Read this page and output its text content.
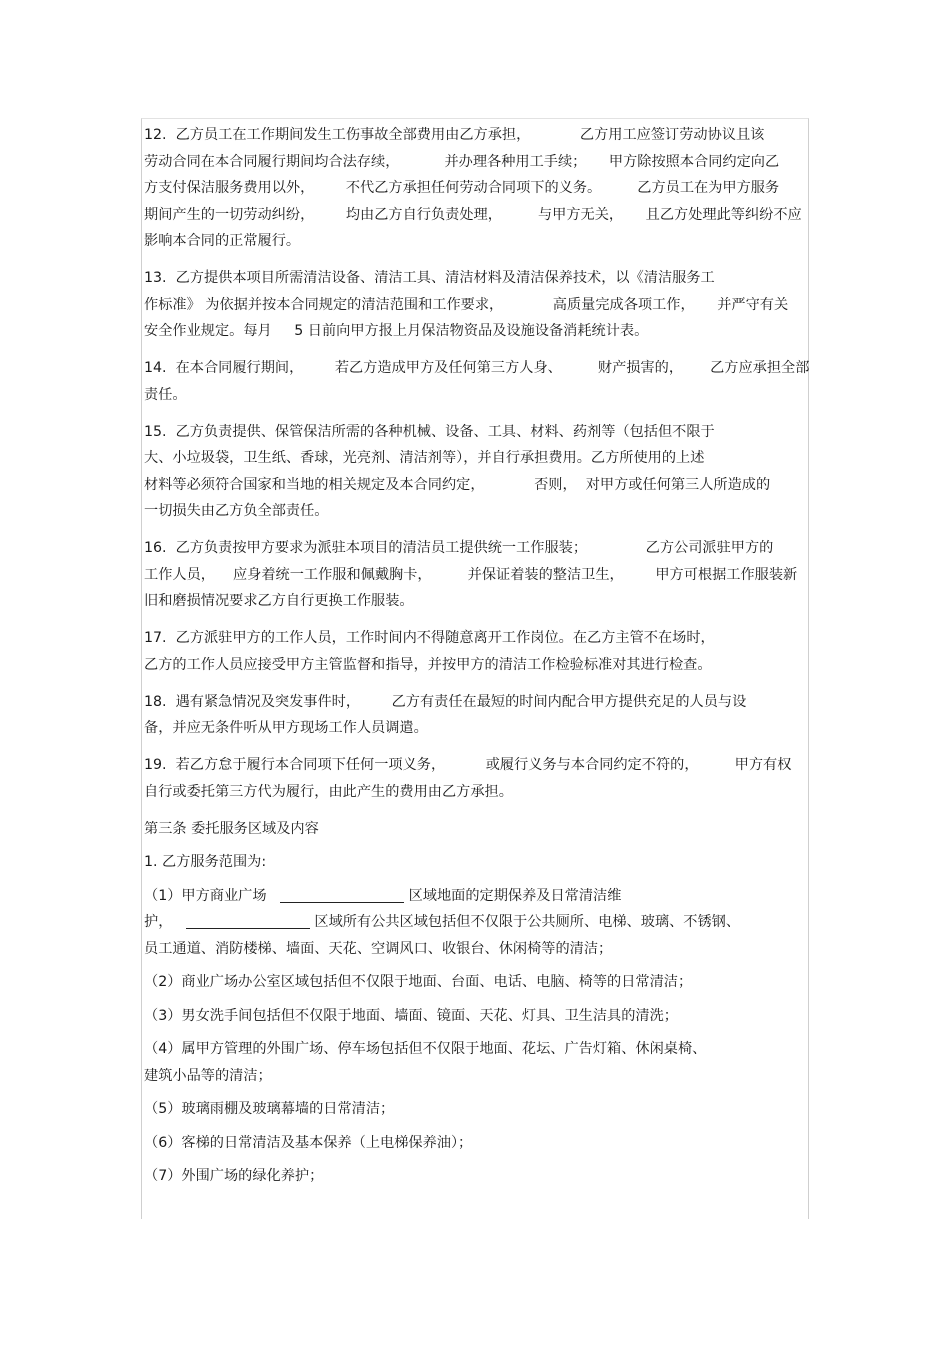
12.  乙方员工在工作期间发生工伤事故全部费用由乙方承担，           乙方用工应签订劳动协议且该
劳动合同在本合同履行期间均合法存续，          并办理各种用工手续；     甲方除按照本合同约定向乙
方支付保洁服务费用以外，       不代乙方承担任何劳动合同项下的义务。        乙方员工在为甲方服务
期间产生的一切劳动纠纷，       均由乙方自行负责处理，        与甲方无关，     且乙方处理此等纠纷不应
影响本合同的正常履行。
13.  乙方提供本项目所需清洁设备、清洁工具、清洁材料及清洁保养技术，以《清洁服务工
作标准》 为依据并按本合同规定的清洁范围和工作要求，           高质量完成各项工作，     并严守有关
安全作业规定。每月     5 日前向甲方报上月保洁物资品及设施设备消耗统计表。
14.  在本合同履行期间，       若乙方造成甲方及任何第三方人身、        财产损害的，      乙方应承担全部
责任。
15.  乙方负责提供、保管保洁所需的各种机械、设备、工具、材料、药剂等（包括但不限于
大、小垃圾袋，卫生纸、香球，光亮剂、清洁剂等），并自行承担费用。乙方所使用的上述
材料等必须符合国家和当地的相关规定及本合同约定，           否则，  对甲方或任何第三人所造成的
一切损失由乙方负全部责任。
16.  乙方负责按甲方要求为派驻本项目的清洁员工提供统一工作服装；             乙方公司派驻甲方的
工作人员，    应身着统一工作服和佩戴胸卡，        并保证着装的整洁卫生，       甲方可根据工作服装新
旧和磨损情况要求乙方自行更换工作服装。
17.  乙方派驻甲方的工作人员，工作时间内不得随意离开工作岗位。在乙方主管不在场时，
乙方的工作人员应接受甲方主管监督和指导，并按甲方的清洁工作检验标准对其进行检查。
18.  遇有紧急情况及突发事件时，       乙方有责任在最短的时间内配合甲方提供充足的人员与设
备，并应无条件听从甲方现场工作人员调遣。
19.  若乙方怠于履行本合同项下任何一项义务，         或履行义务与本合同约定不符的，        甲方有权
自行或委托第三方代为履行，由此产生的费用由乙方承担。
第三条 委托服务区域及内容
1. 乙方服务范围为:
（1）甲方商业广场	区域地面的定期保养及日常清洁维
护，	区域所有公共区域包括但不仅限于公共厕所、电梯、玻璃、不锈钢、
员工通道、消防楼梯、墙面、天花、空调风口、收银台、休闲椅等的清洁；
（2）商业广场办公室区域包括但不仅限于地面、台面、电话、电脑、椅等的日常清洁；
（3）男女洗手间包括但不仅限于地面、墙面、镜面、天花、灯具、卫生洁具的清洗；
（4）属甲方管理的外围广场、停车场包括但不仅限于地面、花坛、广告灯箱、休闲桌椅、
建筑小品等的清洁；
（5）玻璃雨棚及玻璃幕墙的日常清洁；
（6）客梯的日常清洁及基本保养（上电梯保养油）；
（7）外围广场的绿化养护；
